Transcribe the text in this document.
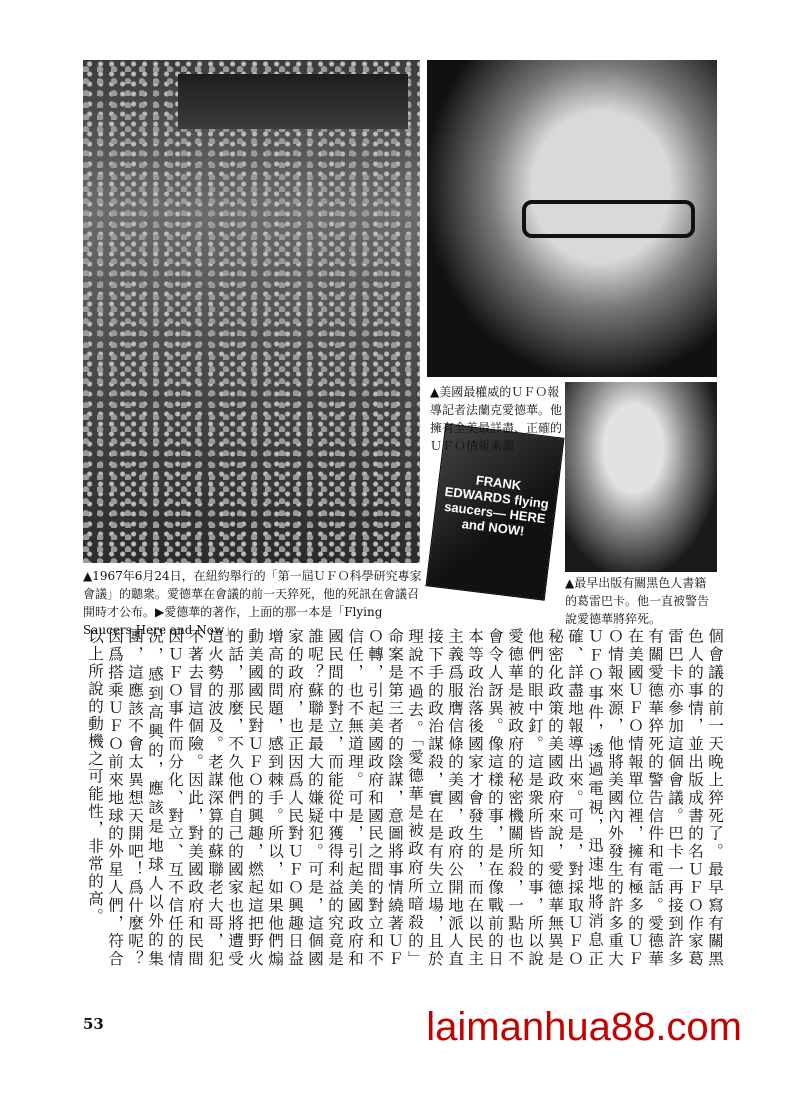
FRANK EDWARDS flying saucers— HERE and NOW!
▲1967年6月24日，在紐約舉行的「第一屆ＵＦＯ科學研究專家會議」的聽衆。愛德華在會議的前一天猝死，他的死訊在會議召開時才公布。▶愛德華的著作，上面的那一本是「Flying Saucers Here and Now」。
▲美國最權威的ＵＦＯ報導記者法蘭克愛德華。他擁有全美最詳盡、正確的ＵＦＯ情報來源
▲最早出版有關黑色人書籍的葛雷巴卡。他一直被警告說愛德華將猝死。
個會議的前一天晚上猝死了。最早寫有關黑色人的事情，並出版成書的名ＵＦＯ作家葛雷巴卡亦參加這個會議。巴卡一再接到許多有關愛德華猝死的警告信件和電話。愛德華在美國ＵＦＯ情報單位裡，擁有極多的ＵＦＯ情報來源，他將美國內外發生的許多重大ＵＦＯ事件，透過電視，迅速地將消息正確、詳盡地報導出來。可是，對採取ＵＦＯ秘密化政策的美國政府來說，愛德華無異是他們的眼中釘。這是衆所皆知的事，所以說愛德華是被政府的秘密機關所殺，一點也不會令人訝異。像這樣的事，是在像戰前的日本等政治落後國家才會發生的，而在以民主主義爲服膺信條的美國，政府公開地派人直接下手的政治謀殺，實在是有失立場，且於理說不過去。「愛德華是被政府所暗殺的」
命案是第三者的陰謀，意圖將事情繞著ＵＦＯ轉，引起美國政府和國民之間的對立和不信任，也不無道理。可是，引起美國政府和國民間的對立，而能從中獲得利益的究竟是誰呢？蘇聯是最大的嫌疑犯。可是，這個國家的政府，也正因爲人民對ＵＦＯ興趣日益增高的問題，感到棘手。所以，如果他們煽動美國國民對ＵＦＯ的興趣，燃起這把野火的話，那麼，不久他們自己的國家也將遭受這火勢的波及。老謀深算的蘇聯老大哥，犯不著去冒這個險。因此，對美國政府和民間因ＵＦＯ事件而分化、對立、互不信任的情況，感到高興的，應該是地球人以外的集團，這應該不會太異想天開吧！爲什麼呢？因爲搭乘ＵＦＯ前來地球的外星人們，符合以上所說的動機之可能性，非常的高。
53	laimanhua88.com
